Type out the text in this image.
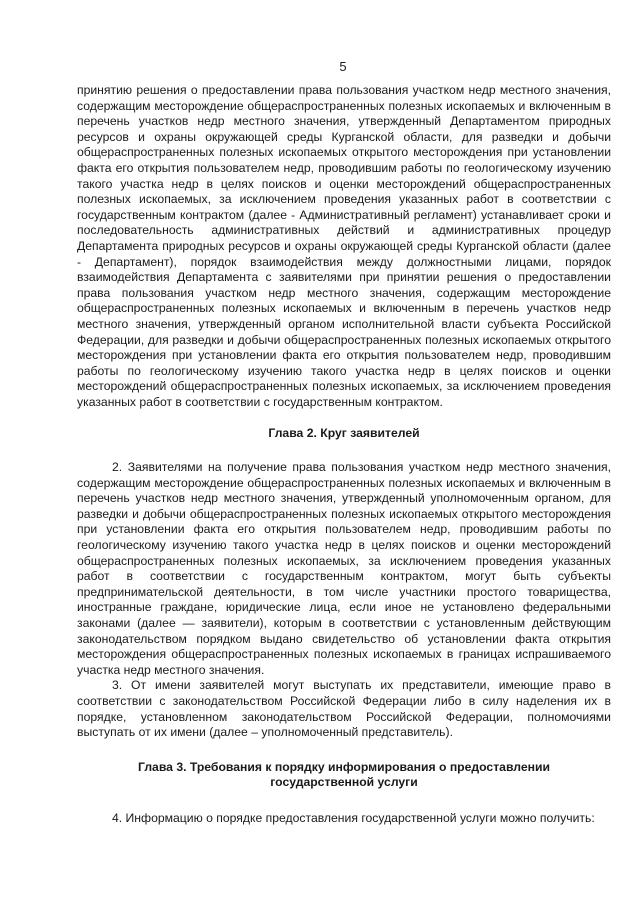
5

принятию решения о предоставлении права пользования участком недр местного значения, содержащим месторождение общераспространенных полезных ископаемых и включенным в перечень участков недр местного значения, утвержденный Департаментом природных ресурсов и охраны окружающей среды Курганской области, для разведки и добычи общераспространенных полезных ископаемых открытого месторождения при установлении факта его открытия пользователем недр, проводившим работы по геологическому изучению такого участка недр в целях поисков и оценки месторождений общераспространенных полезных ископаемых, за исключением проведения указанных работ в соответствии с государственным контрактом (далее - Административный регламент) устанавливает сроки и последовательность административных действий и административных процедур Департамента природных ресурсов и охраны окружающей среды Курганской области (далее - Департамент), порядок взаимодействия между должностными лицами, порядок взаимодействия Департамента с заявителями при принятии решения о предоставлении права пользования участком недр местного значения, содержащим месторождение общераспространенных полезных ископаемых и включенным в перечень участков недр местного значения, утвержденный органом исполнительной власти субъекта Российской Федерации, для разведки и добычи общераспространенных полезных ископаемых открытого месторождения при установлении факта его открытия пользователем недр, проводившим работы по геологическому изучению такого участка недр в целях поисков и оценки месторождений общераспространенных полезных ископаемых, за исключением проведения указанных работ в соответствии с государственным контрактом.

Глава 2. Круг заявителей

2. Заявителями на получение права пользования участком недр местного значения, содержащим месторождение общераспространенных полезных ископаемых и включенным в перечень участков недр местного значения, утвержденный уполномоченным органом, для разведки и добычи общераспространенных полезных ископаемых открытого месторождения при установлении факта его открытия пользователем недр, проводившим работы по геологическому изучению такого участка недр в целях поисков и оценки месторождений общераспространенных полезных ископаемых, за исключением проведения указанных работ в соответствии с государственным контрактом, могут быть субъекты предпринимательской деятельности, в том числе участники простого товарищества, иностранные граждане, юридические лица, если иное не установлено федеральными законами (далее — заявители), которым в соответствии с установленным действующим законодательством порядком выдано свидетельство об установлении факта открытия месторождения общераспространенных полезных ископаемых в границах испрашиваемого участка недр местного значения.

3. От имени заявителей могут выступать их представители, имеющие право в соответствии с законодательством Российской Федерации либо в силу наделения их в порядке, установленном законодательством Российской Федерации, полномочиями выступать от их имени (далее – уполномоченный представитель).

Глава 3. Требования к порядку информирования о предоставлении государственной услуги

4. Информацию о порядке предоставления государственной услуги можно получить:
